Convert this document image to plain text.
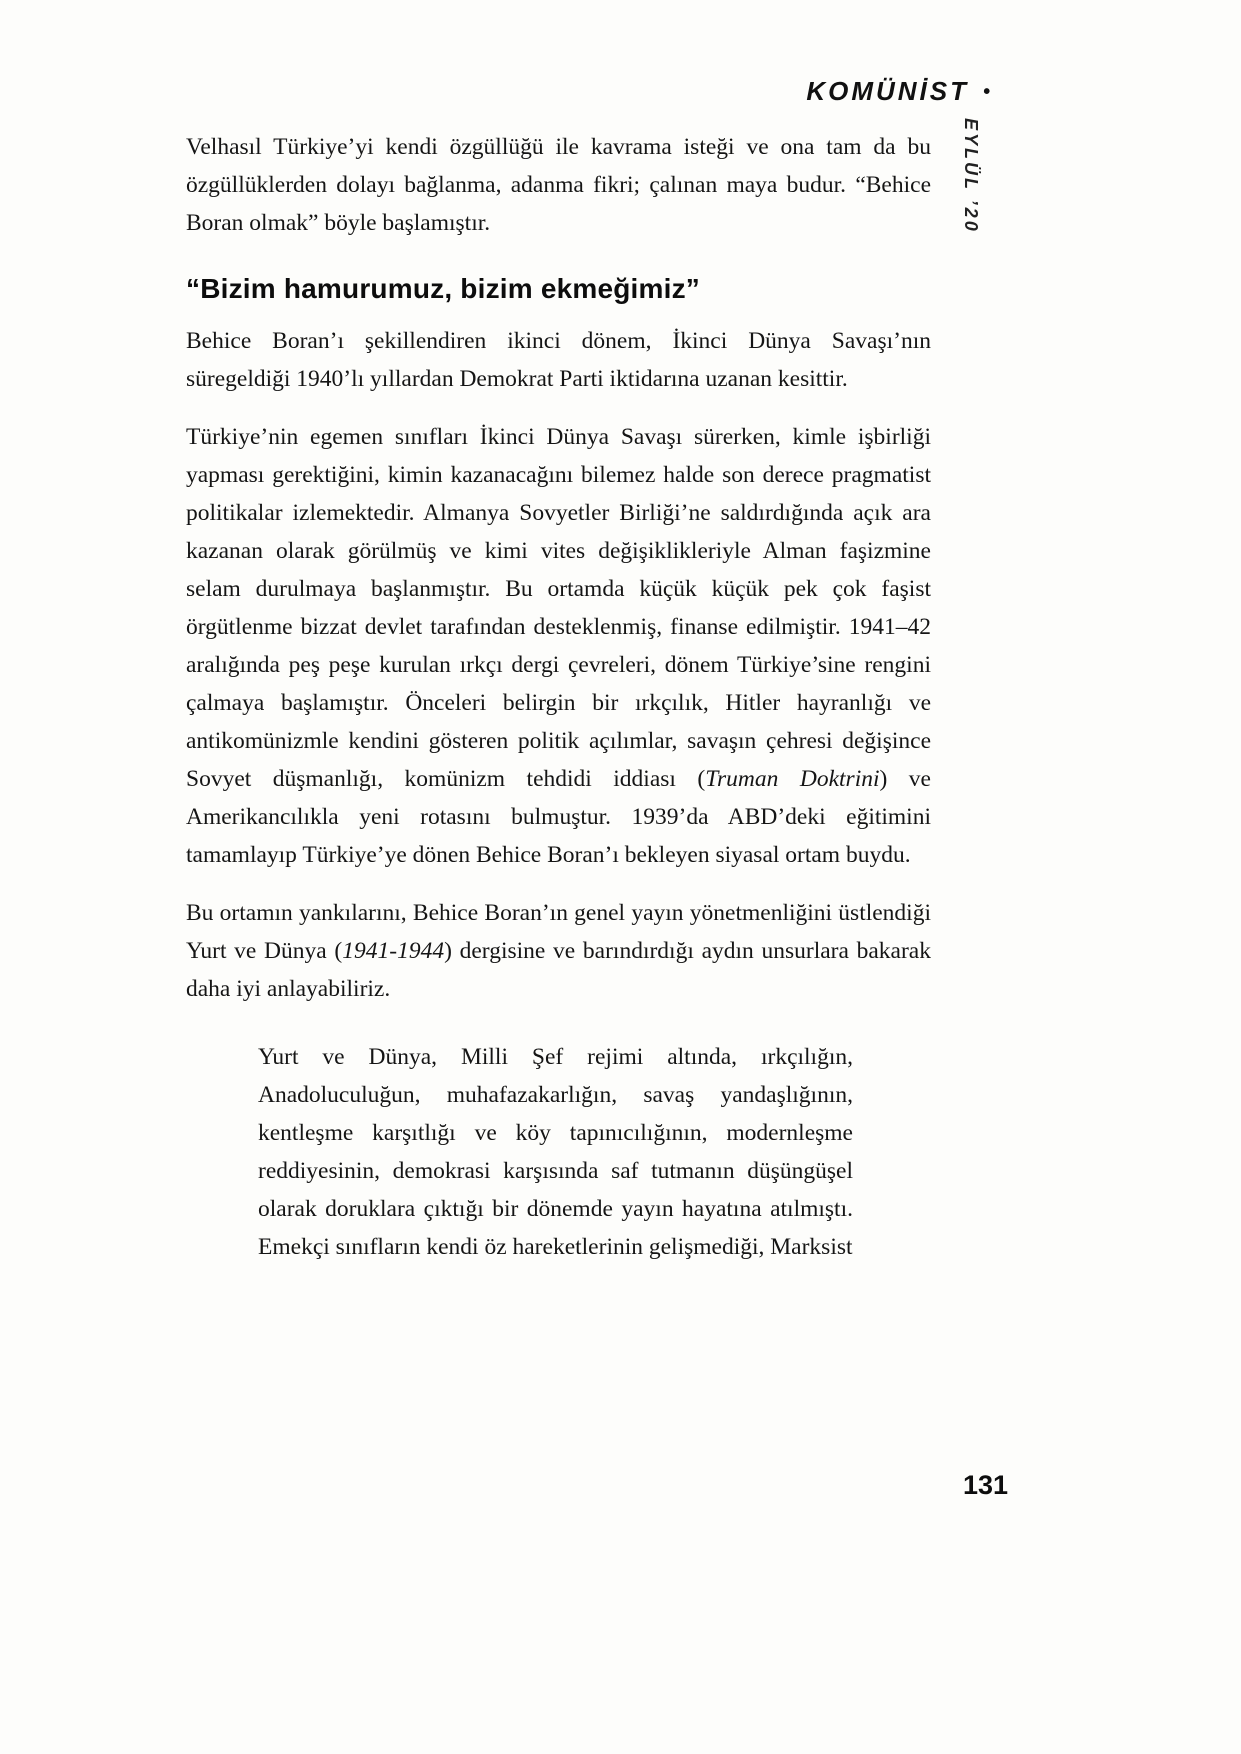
KOMÜNİST •
EYLÜL ’20

Velhasıl Türkiye’yi kendi özgüllüğü ile kavrama isteği ve ona tam da bu özgüllüklerden dolayı bağlanma, adanma fikri; çalınan maya budur. “Behice Boran olmak” böyle başlamıştır.

“Bizim hamurumuz, bizim ekmeğimiz”

Behice Boran’ı şekillendiren ikinci dönem, İkinci Dünya Savaşı’nın süregeldiği 1940’lı yıllardan Demokrat Parti iktidarına uzanan kesittir.

Türkiye’nin egemen sınıfları İkinci Dünya Savaşı sürerken, kimle işbirliği yapması gerektiğini, kimin kazanacağını bilemez halde son derece pragmatist politikalar izlemektedir. Almanya Sovyetler Birliği’ne saldırdığında açık ara kazanan olarak görülmüş ve kimi vites değişiklikleriyle Alman faşizmine selam durulmaya başlanmıştır. Bu ortamda küçük küçük pek çok faşist örgütlenme bizzat devlet tarafından desteklenmiş, finanse edilmiştir. 1941–42 aralığında peş peşe kurulan ırkçı dergi çevreleri, dönem Türkiye’sine rengini çalmaya başlamıştır. Önceleri belirgin bir ırkçılık, Hitler hayranlığı ve antikomünizmle kendini gösteren politik açılımlar, savaşın çehresi değişince Sovyet düşmanlığı, komünizm tehdidi iddiası (Truman Doktrini) ve Amerikancılıkla yeni rotasını bulmuştur. 1939’da ABD’deki eğitimini tamamlayıp Türkiye’ye dönen Behice Boran’ı bekleyen siyasal ortam buydu.

Bu ortamın yankılarını, Behice Boran’ın genel yayın yönetmenliğini üstlendiği Yurt ve Dünya (1941-1944) dergisine ve barındırdığı aydın unsurlara bakarak daha iyi anlayabiliriz.

Yurt ve Dünya, Milli Şef rejimi altında, ırkçılığın, Anadoluculuğun, muhafazakarlığın, savaş yandaşlığının, kentleşme karşıtlığı ve köy tapınıcılığının, modernleşme reddiyesinin, demokrasi karşısında saf tutmanın düşüngüşel olarak doruklara çıktığı bir dönemde yayın hayatına atılmıştı. Emekçi sınıfların kendi öz hareketlerinin gelişmediği, Marksist
131
